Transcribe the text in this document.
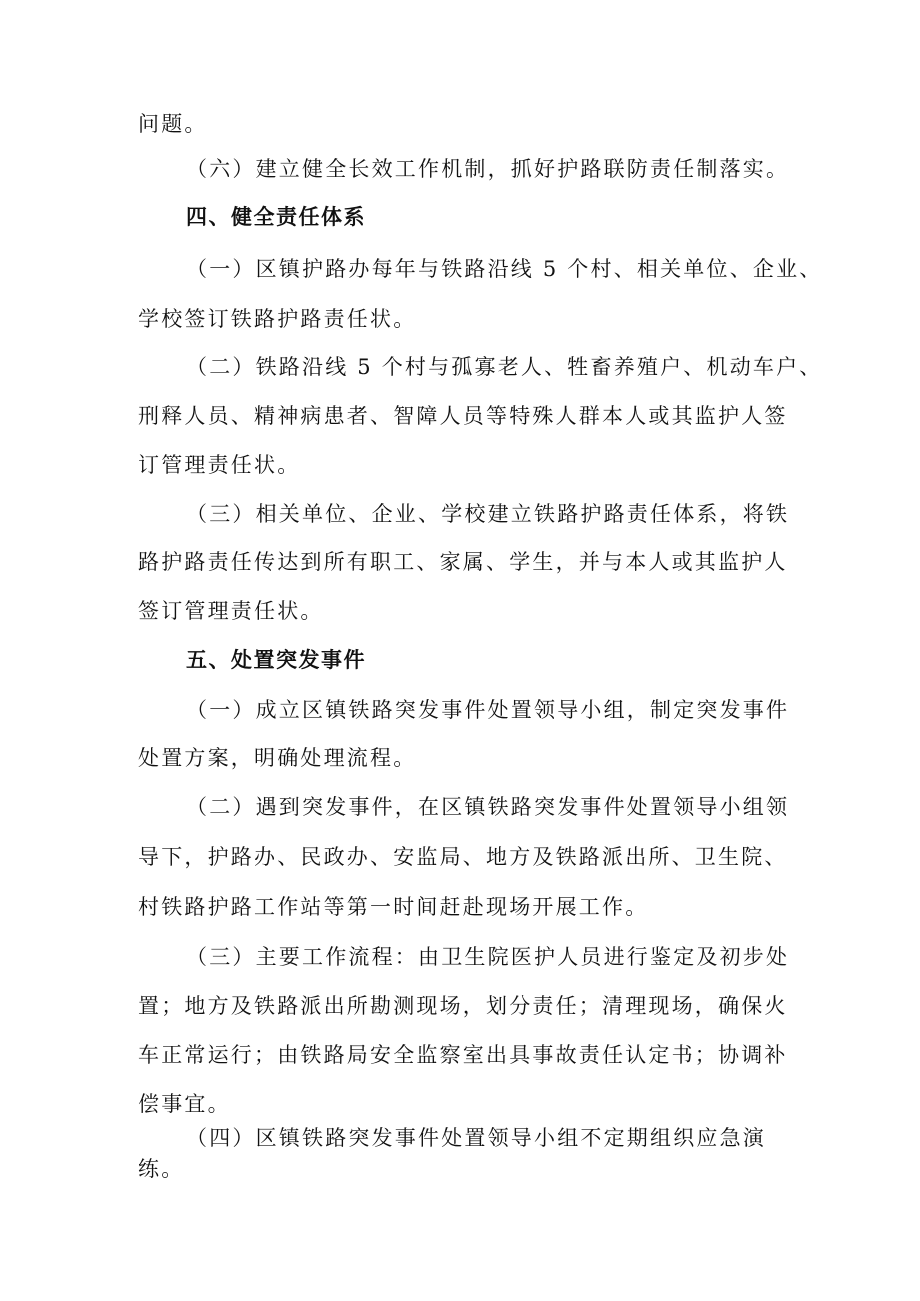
问题。
（六）建立健全长效工作机制，抓好护路联防责任制落实。
四、健全责任体系
（一）区镇护路办每年与铁路沿线 5 个村、相关单位、企业、
学校签订铁路护路责任状。
（二）铁路沿线 5 个村与孤寡老人、牲畜养殖户、机动车户、
刑释人员、精神病患者、智障人员等特殊人群本人或其监护人签
订管理责任状。
（三）相关单位、企业、学校建立铁路护路责任体系，将铁
路护路责任传达到所有职工、家属、学生，并与本人或其监护人
签订管理责任状。
五、处置突发事件
（一）成立区镇铁路突发事件处置领导小组，制定突发事件
处置方案，明确处理流程。
（二）遇到突发事件，在区镇铁路突发事件处置领导小组领
导下，护路办、民政办、安监局、地方及铁路派出所、卫生院、
村铁路护路工作站等第一时间赶赴现场开展工作。
（三）主要工作流程：由卫生院医护人员进行鉴定及初步处
置；地方及铁路派出所勘测现场，划分责任；清理现场，确保火
车正常运行；由铁路局安全监察室出具事故责任认定书；协调补
偿事宜。
（四）区镇铁路突发事件处置领导小组不定期组织应急演
练。
